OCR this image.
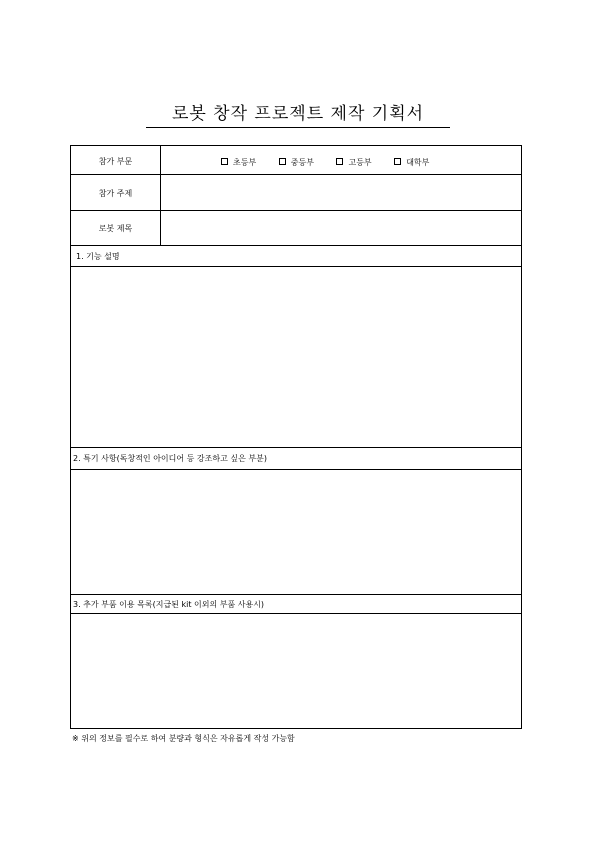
로봇 창작 프로젝트 제작 기획서
참가 부문	초등부	중등부	고등부	대학부
참가 주제
로봇 제목
1. 기능 설명
2. 특기 사항(독창적인 아이디어 등 강조하고 싶은 부분)
3. 추가 부품 이용 목록(지급된 kit 이외의 부품 사용시)
※ 위의 정보를 필수로 하여 분량과 형식은 자유롭게 작성 가능함
